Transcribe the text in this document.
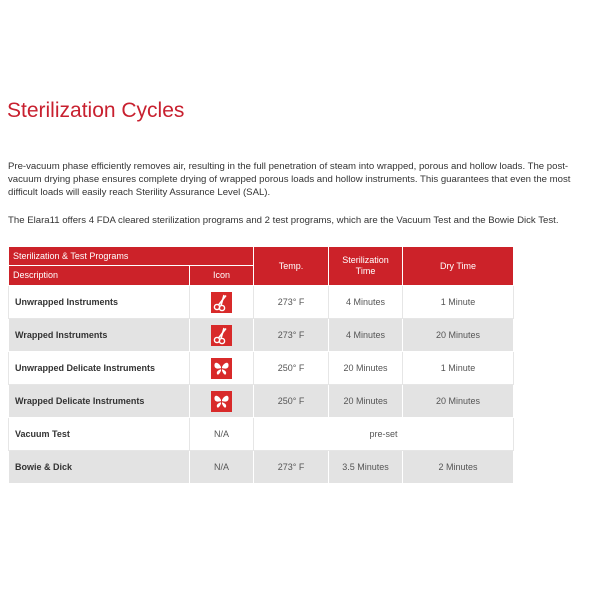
Sterilization Cycles

Pre-vacuum phase efficiently removes air, resulting in the full penetration of steam into wrapped, porous and hollow loads. The post-vacuum drying phase ensures complete drying of wrapped porous loads and hollow instruments. This guarantees that even the most difficult loads will easily reach Sterility Assurance Level (SAL).

The Elara11 offers 4 FDA cleared sterilization programs and 2 test programs, which are the Vacuum Test and the Bowie Dick Test.

Sterilization & Test Programs		Temp.	Sterilization Time	Dry Time
Description	Icon			
Unwrapped Instruments		273° F	4 Minutes	1 Minute
Wrapped Instruments		273° F	4 Minutes	20 Minutes
Unwrapped Delicate Instruments		250° F	20 Minutes	1 Minute
Wrapped Delicate Instruments		250° F	20 Minutes	20 Minutes
Vacuum Test	N/A	pre-set		
Bowie & Dick	N/A	273° F	3.5 Minutes	2 Minutes
